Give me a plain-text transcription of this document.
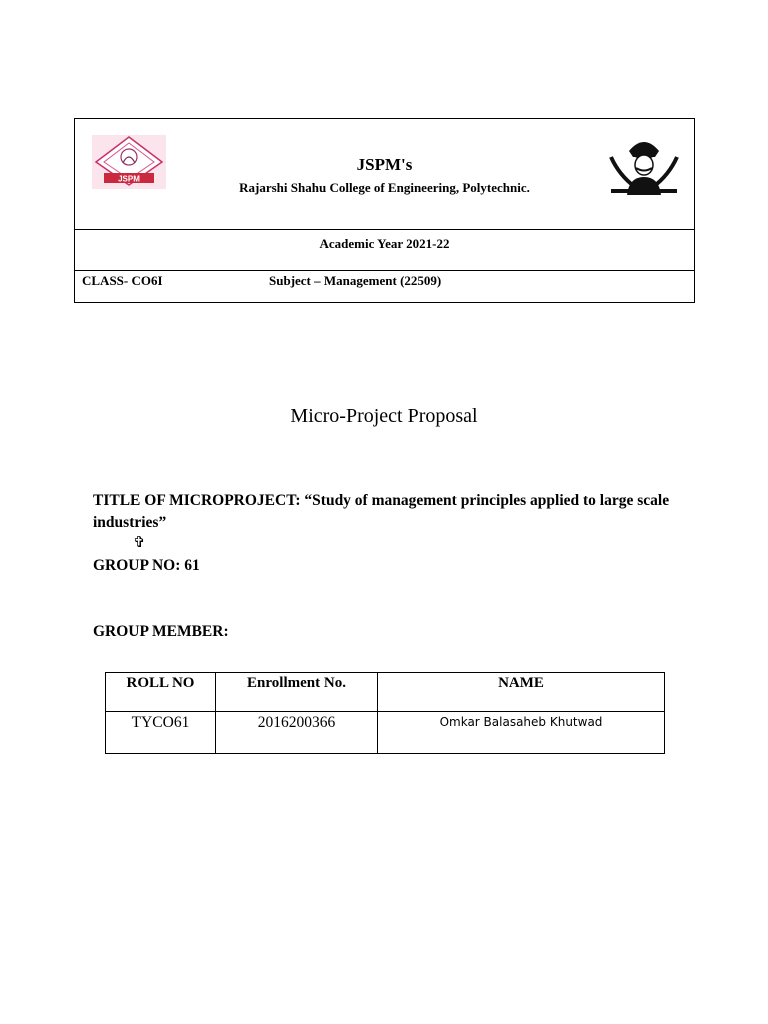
JSPM
JSPM's
Rajarshi Shahu College of Engineering, Polytechnic.
Academic Year 2021-22
CLASS- CO6I	Subject – Management (22509)
Micro-Project Proposal
TITLE OF MICROPROJECT: “Study of management principles applied to large scale industries”
✞
GROUP NO: 61
GROUP MEMBER:
ROLL NO	Enrollment No.	NAME
TYCO61	2016200366	Omkar Balasaheb Khutwad
